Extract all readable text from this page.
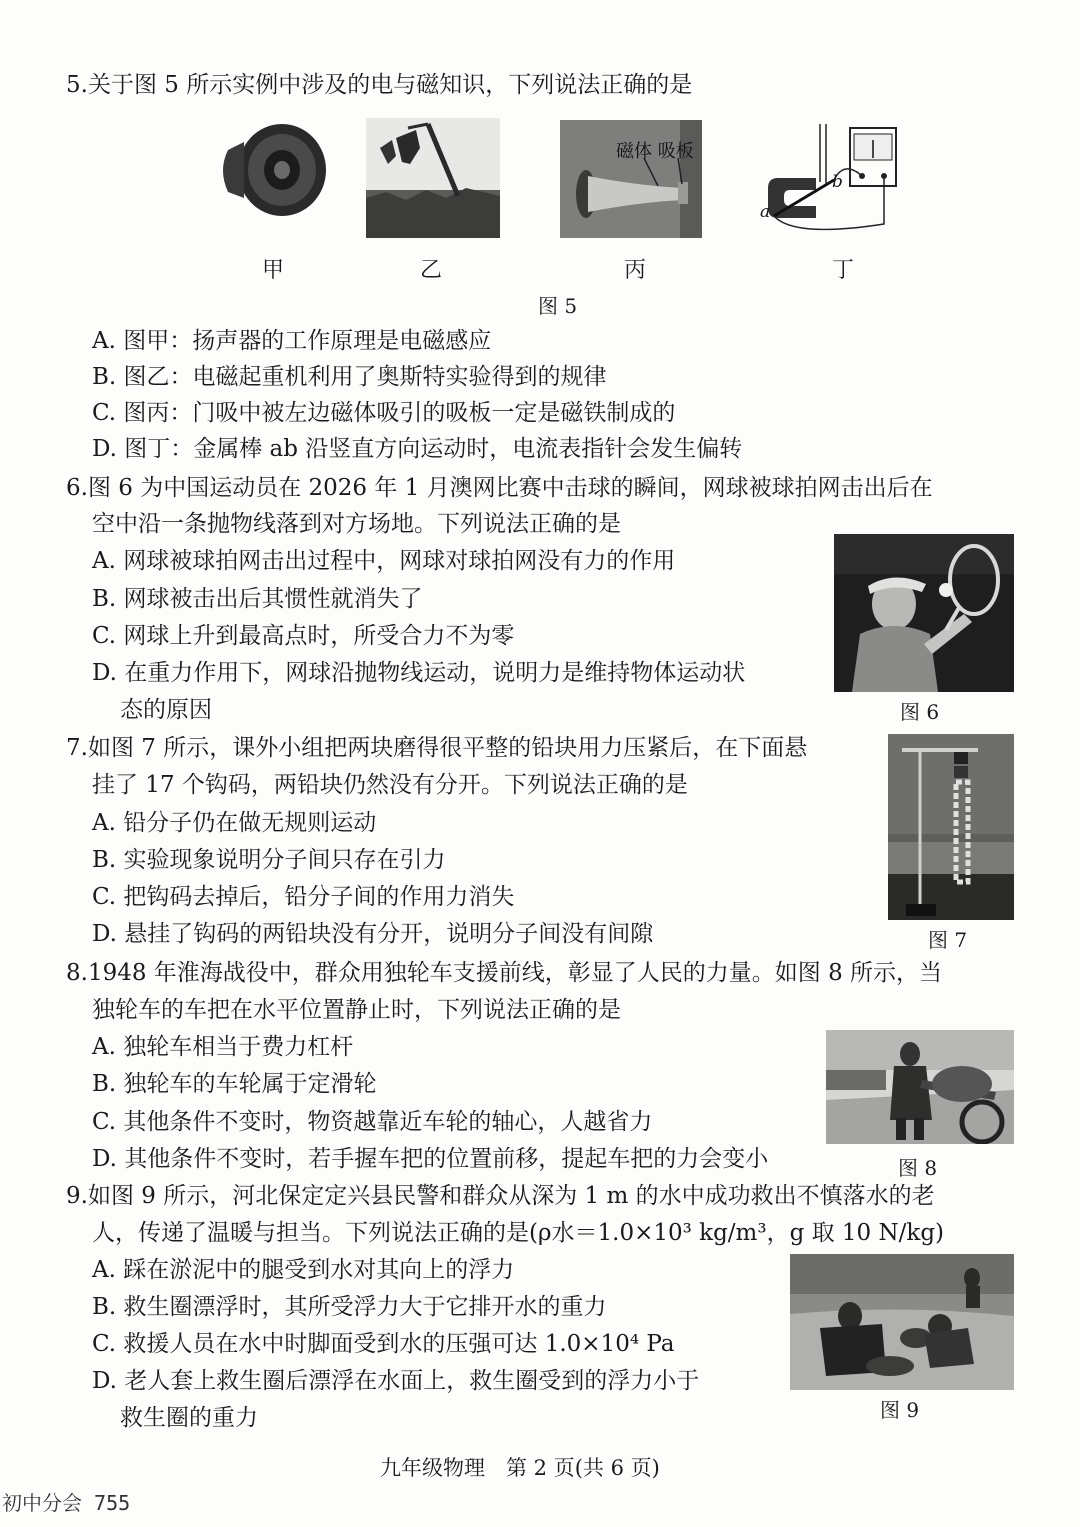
5.关于图 5 所示实例中涉及的电与磁知识，下列说法正确的是
磁体 吸板
a
b
甲	乙	丙	丁
图 5
A. 图甲：扬声器的工作原理是电磁感应
B. 图乙：电磁起重机利用了奥斯特实验得到的规律
C. 图丙：门吸中被左边磁体吸引的吸板一定是磁铁制成的
D. 图丁：金属棒 ab 沿竖直方向运动时，电流表指针会发生偏转
6.图 6 为中国运动员在 2026 年 1 月澳网比赛中击球的瞬间，网球被球拍网击出后在
空中沿一条抛物线落到对方场地。下列说法正确的是
A. 网球被球拍网击出过程中，网球对球拍网没有力的作用
B. 网球被击出后其惯性就消失了
C. 网球上升到最高点时，所受合力不为零
D. 在重力作用下，网球沿抛物线运动，说明力是维持物体运动状
态的原因	图 6
7.如图 7 所示，课外小组把两块磨得很平整的铅块用力压紧后，在下面悬
挂了 17 个钩码，两铅块仍然没有分开。下列说法正确的是
A. 铅分子仍在做无规则运动
B. 实验现象说明分子间只存在引力
C. 把钩码去掉后，铅分子间的作用力消失
D. 悬挂了钩码的两铅块没有分开，说明分子间没有间隙	图 7
8.1948 年淮海战役中，群众用独轮车支援前线，彰显了人民的力量。如图 8 所示，当
独轮车的车把在水平位置静止时，下列说法正确的是
A. 独轮车相当于费力杠杆
B. 独轮车的车轮属于定滑轮
C. 其他条件不变时，物资越靠近车轮的轴心，人越省力
D. 其他条件不变时，若手握车把的位置前移，提起车把的力会变小	图 8
9.如图 9 所示，河北保定定兴县民警和群众从深为 1 m 的水中成功救出不慎落水的老
人，传递了温暖与担当。下列说法正确的是(ρ水＝1.0×10³ kg/m³，g 取 10 N/kg)
A. 踩在淤泥中的腿受到水对其向上的浮力
B. 救生圈漂浮时，其所受浮力大于它排开水的重力
C. 救援人员在水中时脚面受到水的压强可达 1.0×10⁴ Pa
D. 老人套上救生圈后漂浮在水面上，救生圈受到的浮力小于
救生圈的重力	图 9
九年级物理　第 2 页(共 6 页)
初中分会 755
